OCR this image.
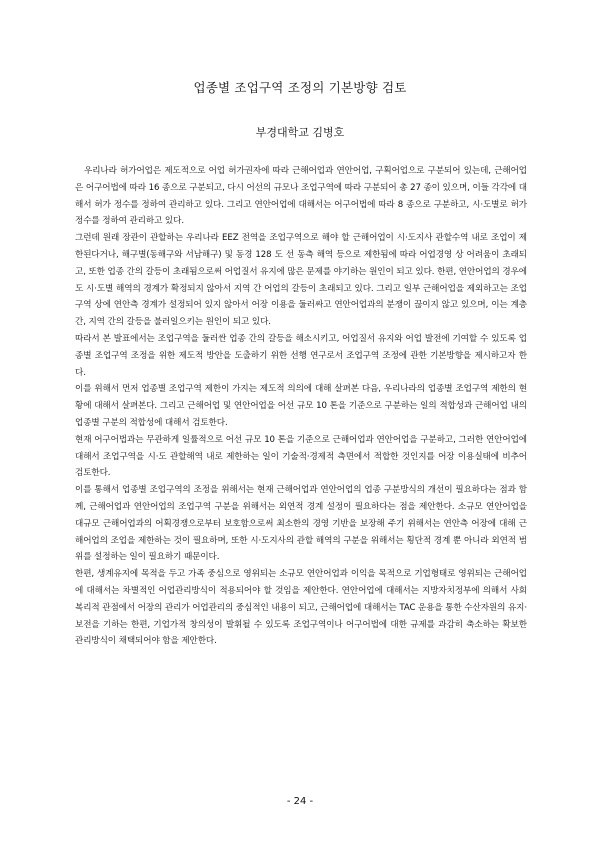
업종별 조업구역 조정의 기본방향 검토
부경대학교 김병호

우리나라 허가어업은 제도적으로 어업 허가권자에 따라 근해어업과 연안어업, 구획어업으로 구분되어 있는데, 근해어업은 어구어법에 따라 16 종으로 구분되고, 다시 어선의 규모나 조업구역에 따라 구분되어 총 27 종이 있으며, 이들 각각에 대해서 허가 정수를 정하여 관리하고 있다. 그리고 연안어업에 대해서는 어구어법에 따라 8 종으로 구분하고, 시·도별로 허가 정수를 정하여 관리하고 있다.

그런데 원래 장관이 관할하는 우리나라 EEZ 전역을 조업구역으로 해야 할 근해어업이 시·도지사 관할수역 내로 조업이 제한된다거나, 해구별(동해구와 서남해구) 및 동경 128 도 선 동측 해역 등으로 제한됨에 따라 어업경영 상 어려움이 초래되고, 또한 업종 간의 갈등이 초래됨으로써 어업질서 유지에 많은 문제를 야기하는 원인이 되고 있다. 한편, 연안어업의 경우에도 시·도별 해역의 경계가 확정되지 않아서 지역 간 어업의 갈등이 초래되고 있다. 그리고 일부 근해어업을 제외하고는 조업구역 상에 연안측 경계가 설정되어 있지 않아서 어장 이용을 둘러싸고 연안어업과의 분쟁이 끊이지 않고 있으며, 이는 계층 간, 지역 간의 갈등을 불러일으키는 원인이 되고 있다.

따라서 본 발표에서는 조업구역을 둘러싼 업종 간의 갈등을 해소시키고, 어업질서 유지와 어업 발전에 기여할 수 있도록 업종별 조업구역 조정을 위한 제도적 방안을 도출하기 위한 선행 연구로서 조업구역 조정에 관한 기본방향을 제시하고자 한다.

이를 위해서 먼저 업종별 조업구역 제한이 가지는 제도적 의의에 대해 살펴본 다음, 우리나라의 업종별 조업구역 제한의 현황에 대해서 살펴본다. 그리고 근해어업 및 연안어업을 어선 규모 10 톤을 기준으로 구분하는 일의 적합성과 근해어업 내의 업종별 구분의 적합성에 대해서 검토한다.

현재 어구어법과는 무관하게 일률적으로 어선 규모 10 톤을 기준으로 근해어업과 연안어업을 구분하고, 그러한 연안어업에 대해서 조업구역을 시·도 관할해역 내로 제한하는 일이 기술적·경제적 측면에서 적합한 것인지를 어장 이용실태에 비추어 검토한다.

이를 통해서 업종별 조업구역의 조정을 위해서는 현재 근해어업과 연안어업의 업종 구분방식의 개선이 필요하다는 점과 함께, 근해어업과 연안어업의 조업구역 구분을 위해서는 외연적 경계 설정이 필요하다는 점을 제안한다. 소규모 연안어업을 대규모 근해어업과의 어획경쟁으로부터 보호함으로써 최소한의 경영 기반을 보장해 주기 위해서는 연안측 어장에 대해 근해어업의 조업을 제한하는 것이 필요하며, 또한 시·도지사의 관할 해역의 구분을 위해서는 횡단적 경계 뿐 아니라 외연적 범위를 설정하는 일이 필요하기 때문이다.

한편, 생계유지에 목적을 두고 가족 중심으로 영위되는 소규모 연안어업과 이익을 목적으로 기업형태로 영위되는 근해어업에 대해서는 차별적인 어업관리방식이 적용되어야 할 것임을 제안한다. 연안어업에 대해서는 지방자치정부에 의해서 사회복리적 관점에서 어장의 관리가 어업관리의 중심적인 내용이 되고, 근해어업에 대해서는 TAC 운용을 통한 수산자원의 유지·보전을 기하는 한편, 기업가적 창의성이 발휘될 수 있도록 조업구역이나 어구어법에 대한 규제를 과감히 축소하는 확보한 관리방식이 채택되어야 함을 제안한다.

- 24 -
